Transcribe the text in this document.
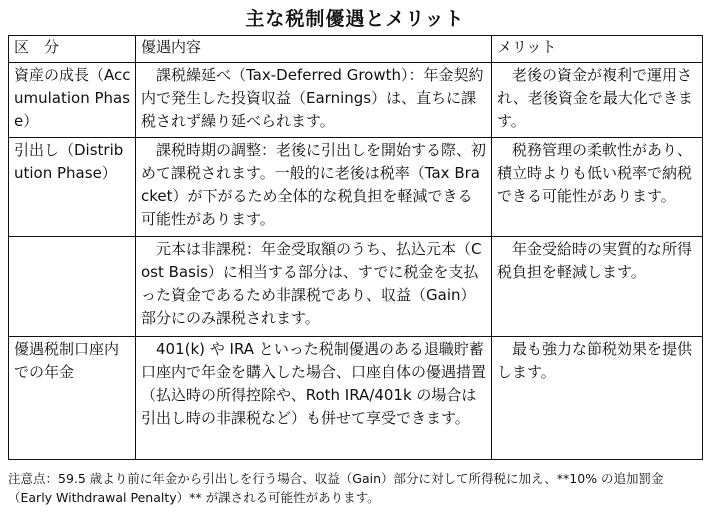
主な税制優遇とメリット
区　分	優遇内容	メリット
資産の成長（Accumulation Phase）	課税繰延べ（Tax-Deferred Growth）：年金契約内で発生した投資収益（Earnings）は、直ちに課税されず繰り延べられます。	老後の資金が複利で運用され、老後資金を最大化できます。
引出し（Distribution Phase）	課税時期の調整：老後に引出しを開始する際、初めて課税されます。一般的に老後は税率（Tax Bracket）が下がるため全体的な税負担を軽減できる可能性があります。	税務管理の柔軟性があり、積立時よりも低い税率で納税できる可能性があります。
	元本は非課税：年金受取額のうち、払込元本（Cost Basis）に相当する部分は、すでに税金を支払った資金であるため非課税であり、収益（Gain）部分にのみ課税されます。	年金受給時の実質的な所得税負担を軽減します。
優遇税制口座内での年金	401(k) や IRA といった税制優遇のある退職貯蓄口座内で年金を購入した場合、口座自体の優遇措置（払込時の所得控除や、Roth IRA/401k の場合は引出し時の非課税など）も併せて享受できます。	最も強力な節税効果を提供します。
注意点：59.5 歳より前に年金から引出しを行う場合、収益（Gain）部分に対して所得税に加え、**10% の追加罰金（Early Withdrawal Penalty）** が課される可能性があります。
